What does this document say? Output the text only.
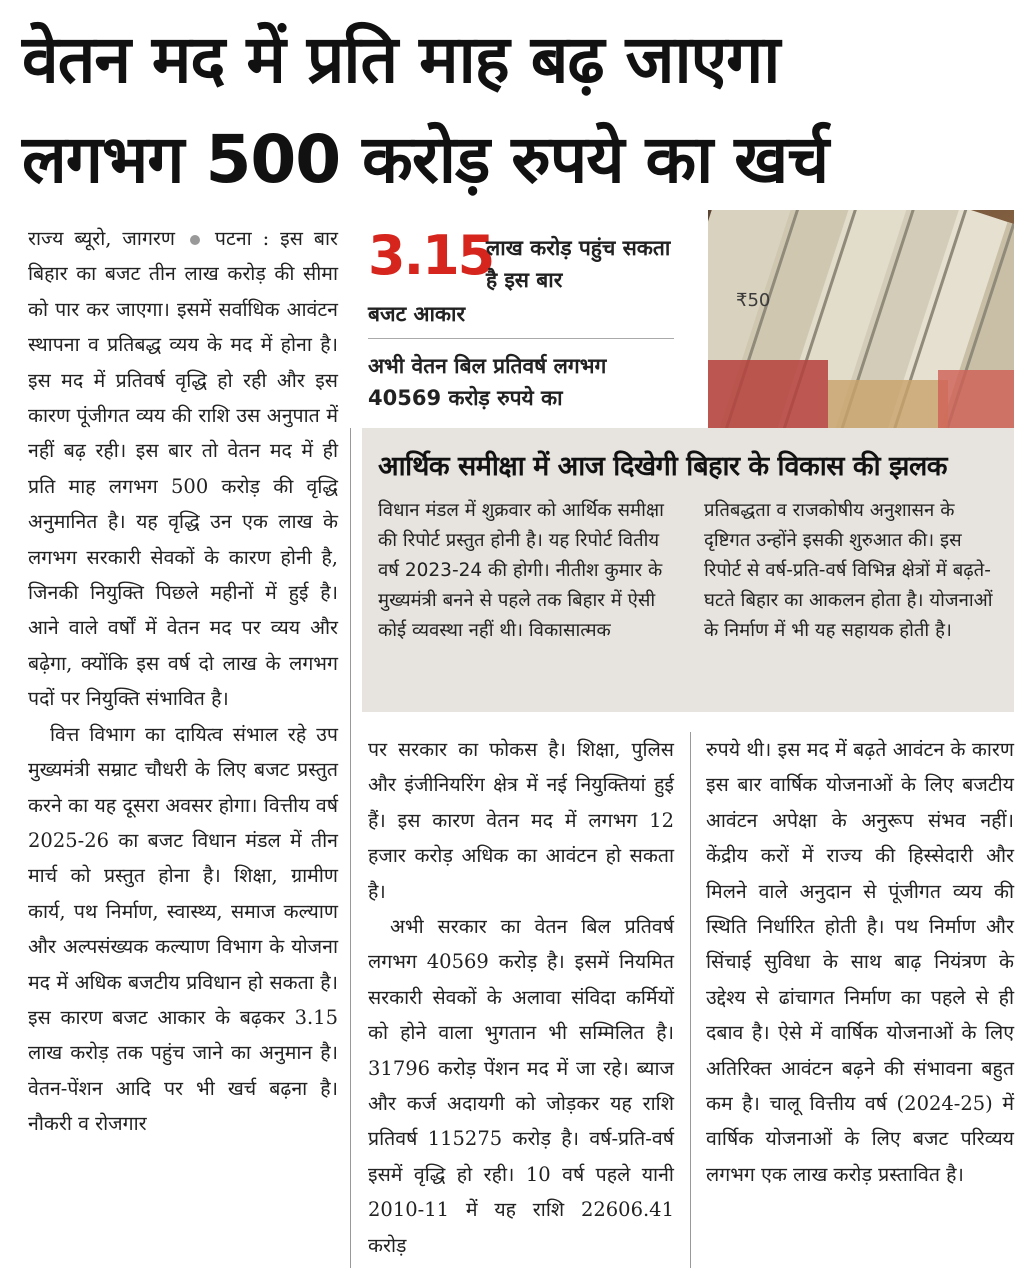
वेतन मद में प्रति माह बढ़ जाएगा
लगभग 500 करोड़ रुपये का खर्च

राज्य ब्यूरो, जागरण पटना : इस बार बिहार का बजट तीन लाख करोड़ की सीमा को पार कर जाएगा। इसमें सर्वाधिक आवंटन स्थापना व प्रतिबद्ध व्यय के मद में होना है। इस मद में प्रतिवर्ष वृद्धि हो रही और इस कारण पूंजीगत व्यय की राशि उस अनुपात में नहीं बढ़ रही। इस बार तो वेतन मद में ही प्रति माह लगभग 500 करोड़ की वृद्धि अनुमानित है। यह वृद्धि उन एक लाख के लगभग सरकारी सेवकों के कारण होनी है, जिनकी नियुक्ति पिछले महीनों में हुई है। आने वाले वर्षों में वेतन मद पर व्यय और बढ़ेगा, क्योंकि इस वर्ष दो लाख के लगभग पदों पर नियुक्ति संभावित है।

वित्त विभाग का दायित्व संभाल रहे उप मुख्यमंत्री सम्राट चौधरी के लिए बजट प्रस्तुत करने का यह दूसरा अवसर होगा। वित्तीय वर्ष 2025-26 का बजट विधान मंडल में तीन मार्च को प्रस्तुत होना है। शिक्षा, ग्रामीण कार्य, पथ निर्माण, स्वास्थ्य, समाज कल्याण और अल्पसंख्यक कल्याण विभाग के योजना मद में अधिक बजटीय प्रविधान हो सकता है। इस कारण बजट आकार के बढ़कर 3.15 लाख करोड़ तक पहुंच जाने का अनुमान है। वेतन-पेंशन आदि पर भी खर्च बढ़ना है। नौकरी व रोजगार

3.15
लाख करोड़ पहुंच सकता है इस बार
बजट आकार
अभी वेतन बिल प्रतिवर्ष लगभग 40569 करोड़ रुपये का
₹50
आर्थिक समीक्षा में आज दिखेगी बिहार के विकास की झलक
विधान मंडल में शुक्रवार को आर्थिक समीक्षा की रिपोर्ट प्रस्तुत होनी है। यह रिपोर्ट वितीय वर्ष 2023-24 की होगी। नीतीश कुमार के मुख्यमंत्री बनने से पहले तक बिहार में ऐसी कोई व्यवस्था नहीं थी। विकासात्मक
प्रतिबद्धता व राजकोषीय अनुशासन के दृष्टिगत उन्होंने इसकी शुरुआत की। इस रिपोर्ट से वर्ष-प्रति-वर्ष विभिन्न क्षेत्रों में बढ़ते-घटते बिहार का आकलन होता है। योजनाओं के निर्माण में भी यह सहायक होती है।

पर सरकार का फोकस है। शिक्षा, पुलिस और इंजीनियरिंग क्षेत्र में नई नियुक्तियां हुई हैं। इस कारण वेतन मद में लगभग 12 हजार करोड़ अधिक का आवंटन हो सकता है।

अभी सरकार का वेतन बिल प्रतिवर्ष लगभग 40569 करोड़ है। इसमें नियमित सरकारी सेवकों के अलावा संविदा कर्मियों को होने वाला भुगतान भी सम्मिलित है। 31796 करोड़ पेंशन मद में जा रहे। ब्याज और कर्ज अदायगी को जोड़कर यह राशि प्रतिवर्ष 115275 करोड़ है। वर्ष-प्रति-वर्ष इसमें वृद्धि हो रही। 10 वर्ष पहले यानी 2010-11 में यह राशि 22606.41 करोड़

रुपये थी। इस मद में बढ़ते आवंटन के कारण इस बार वार्षिक योजनाओं के लिए बजटीय आवंटन अपेक्षा के अनुरूप संभव नहीं। केंद्रीय करों में राज्य की हिस्सेदारी और मिलने वाले अनुदान से पूंजीगत व्यय की स्थिति निर्धारित होती है। पथ निर्माण और सिंचाई सुविधा के साथ बाढ़ नियंत्रण के उद्देश्य से ढांचागत निर्माण का पहले से ही दबाव है। ऐसे में वार्षिक योजनाओं के लिए अतिरिक्त आवंटन बढ़ने की संभावना बहुत कम है। चालू वित्तीय वर्ष (2024-25) में वार्षिक योजनाओं के लिए बजट परिव्यय लगभग एक लाख करोड़ प्रस्तावित है।
